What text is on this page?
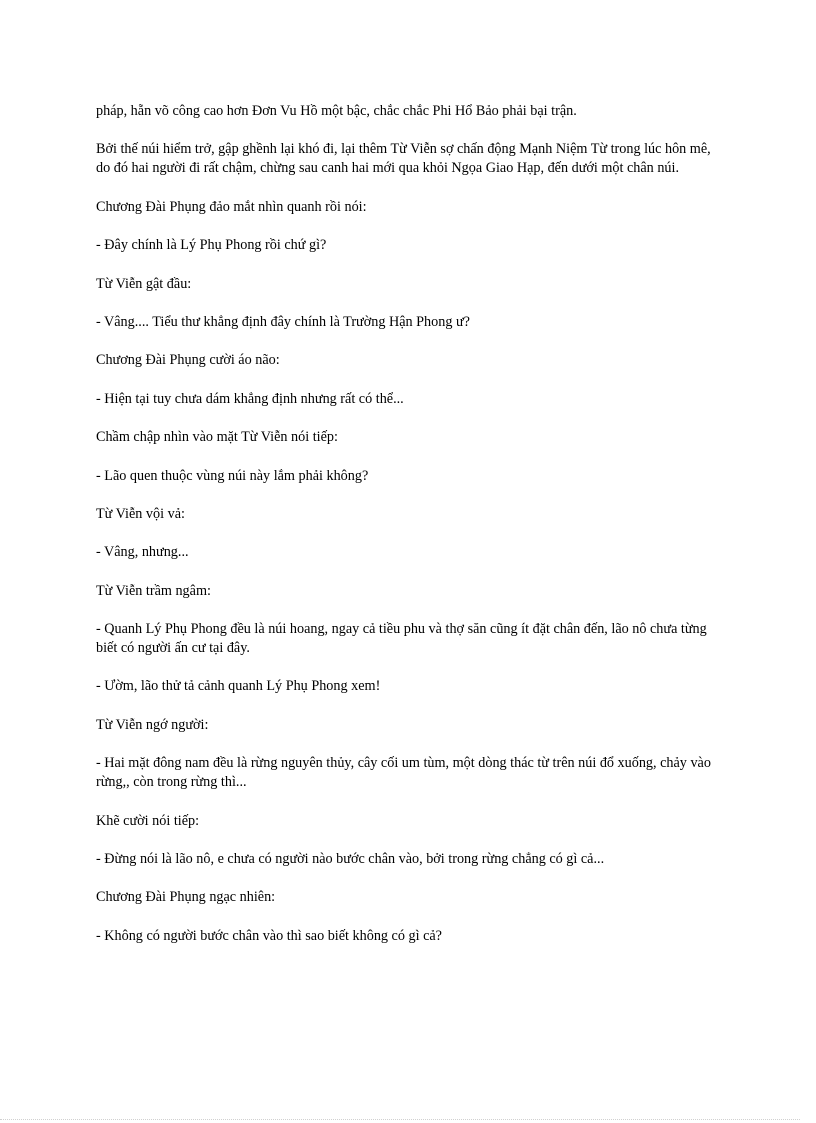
pháp, hẵn võ công cao hơn Đơn Vu Hồ một bậc, chắc chắc Phi Hổ Bảo phải bại trận.

Bởi thế núi hiểm trở, gập ghềnh lại khó đi, lại thêm Từ Viễn sợ chấn động Mạnh Niệm Từ trong lúc hôn mê, do đó hai người đi rất chậm, chừng sau canh hai mới qua khỏi Ngọa Giao Hạp, đến dưới một chân núi.

Chương Đài Phụng đảo mắt nhìn quanh rồi nói:

- Đây chính là Lý Phụ Phong rồi chứ gì?

Từ Viễn gật đầu:

- Vâng.... Tiểu thư khẳng định đây chính là Trường Hận Phong ư?

Chương Đài Phụng cười áo não:

- Hiện tại tuy chưa dám khẳng định nhưng rất có thể...

Chầm chập nhìn vào mặt Từ Viễn nói tiếp:

- Lão quen thuộc vùng núi này lắm phải không?

Từ Viễn vội vả:

- Vâng, nhưng...

Từ Viễn trầm ngâm:

- Quanh Lý Phụ Phong đều là núi hoang, ngay cả tiều phu và thợ săn cũng ít đặt chân đến, lão nô chưa từng biết có người ấn cư tại đây.

- Ườm, lão thử tả cảnh quanh Lý Phụ Phong xem!

Từ Viễn ngớ người:

- Hai mặt đông nam đều là rừng nguyên thủy, cây cối um tùm, một dòng thác từ trên núi đổ xuống, chảy vào rừng,, còn trong rừng thì...

Khẽ cười nói tiếp:

- Đừng nói là lão nô, e chưa có người nào bước chân vào, bởi trong rừng chẳng có gì cả...

Chương Đài Phụng ngạc nhiên:

- Không có người bước chân vào thì sao biết không có gì cả?
